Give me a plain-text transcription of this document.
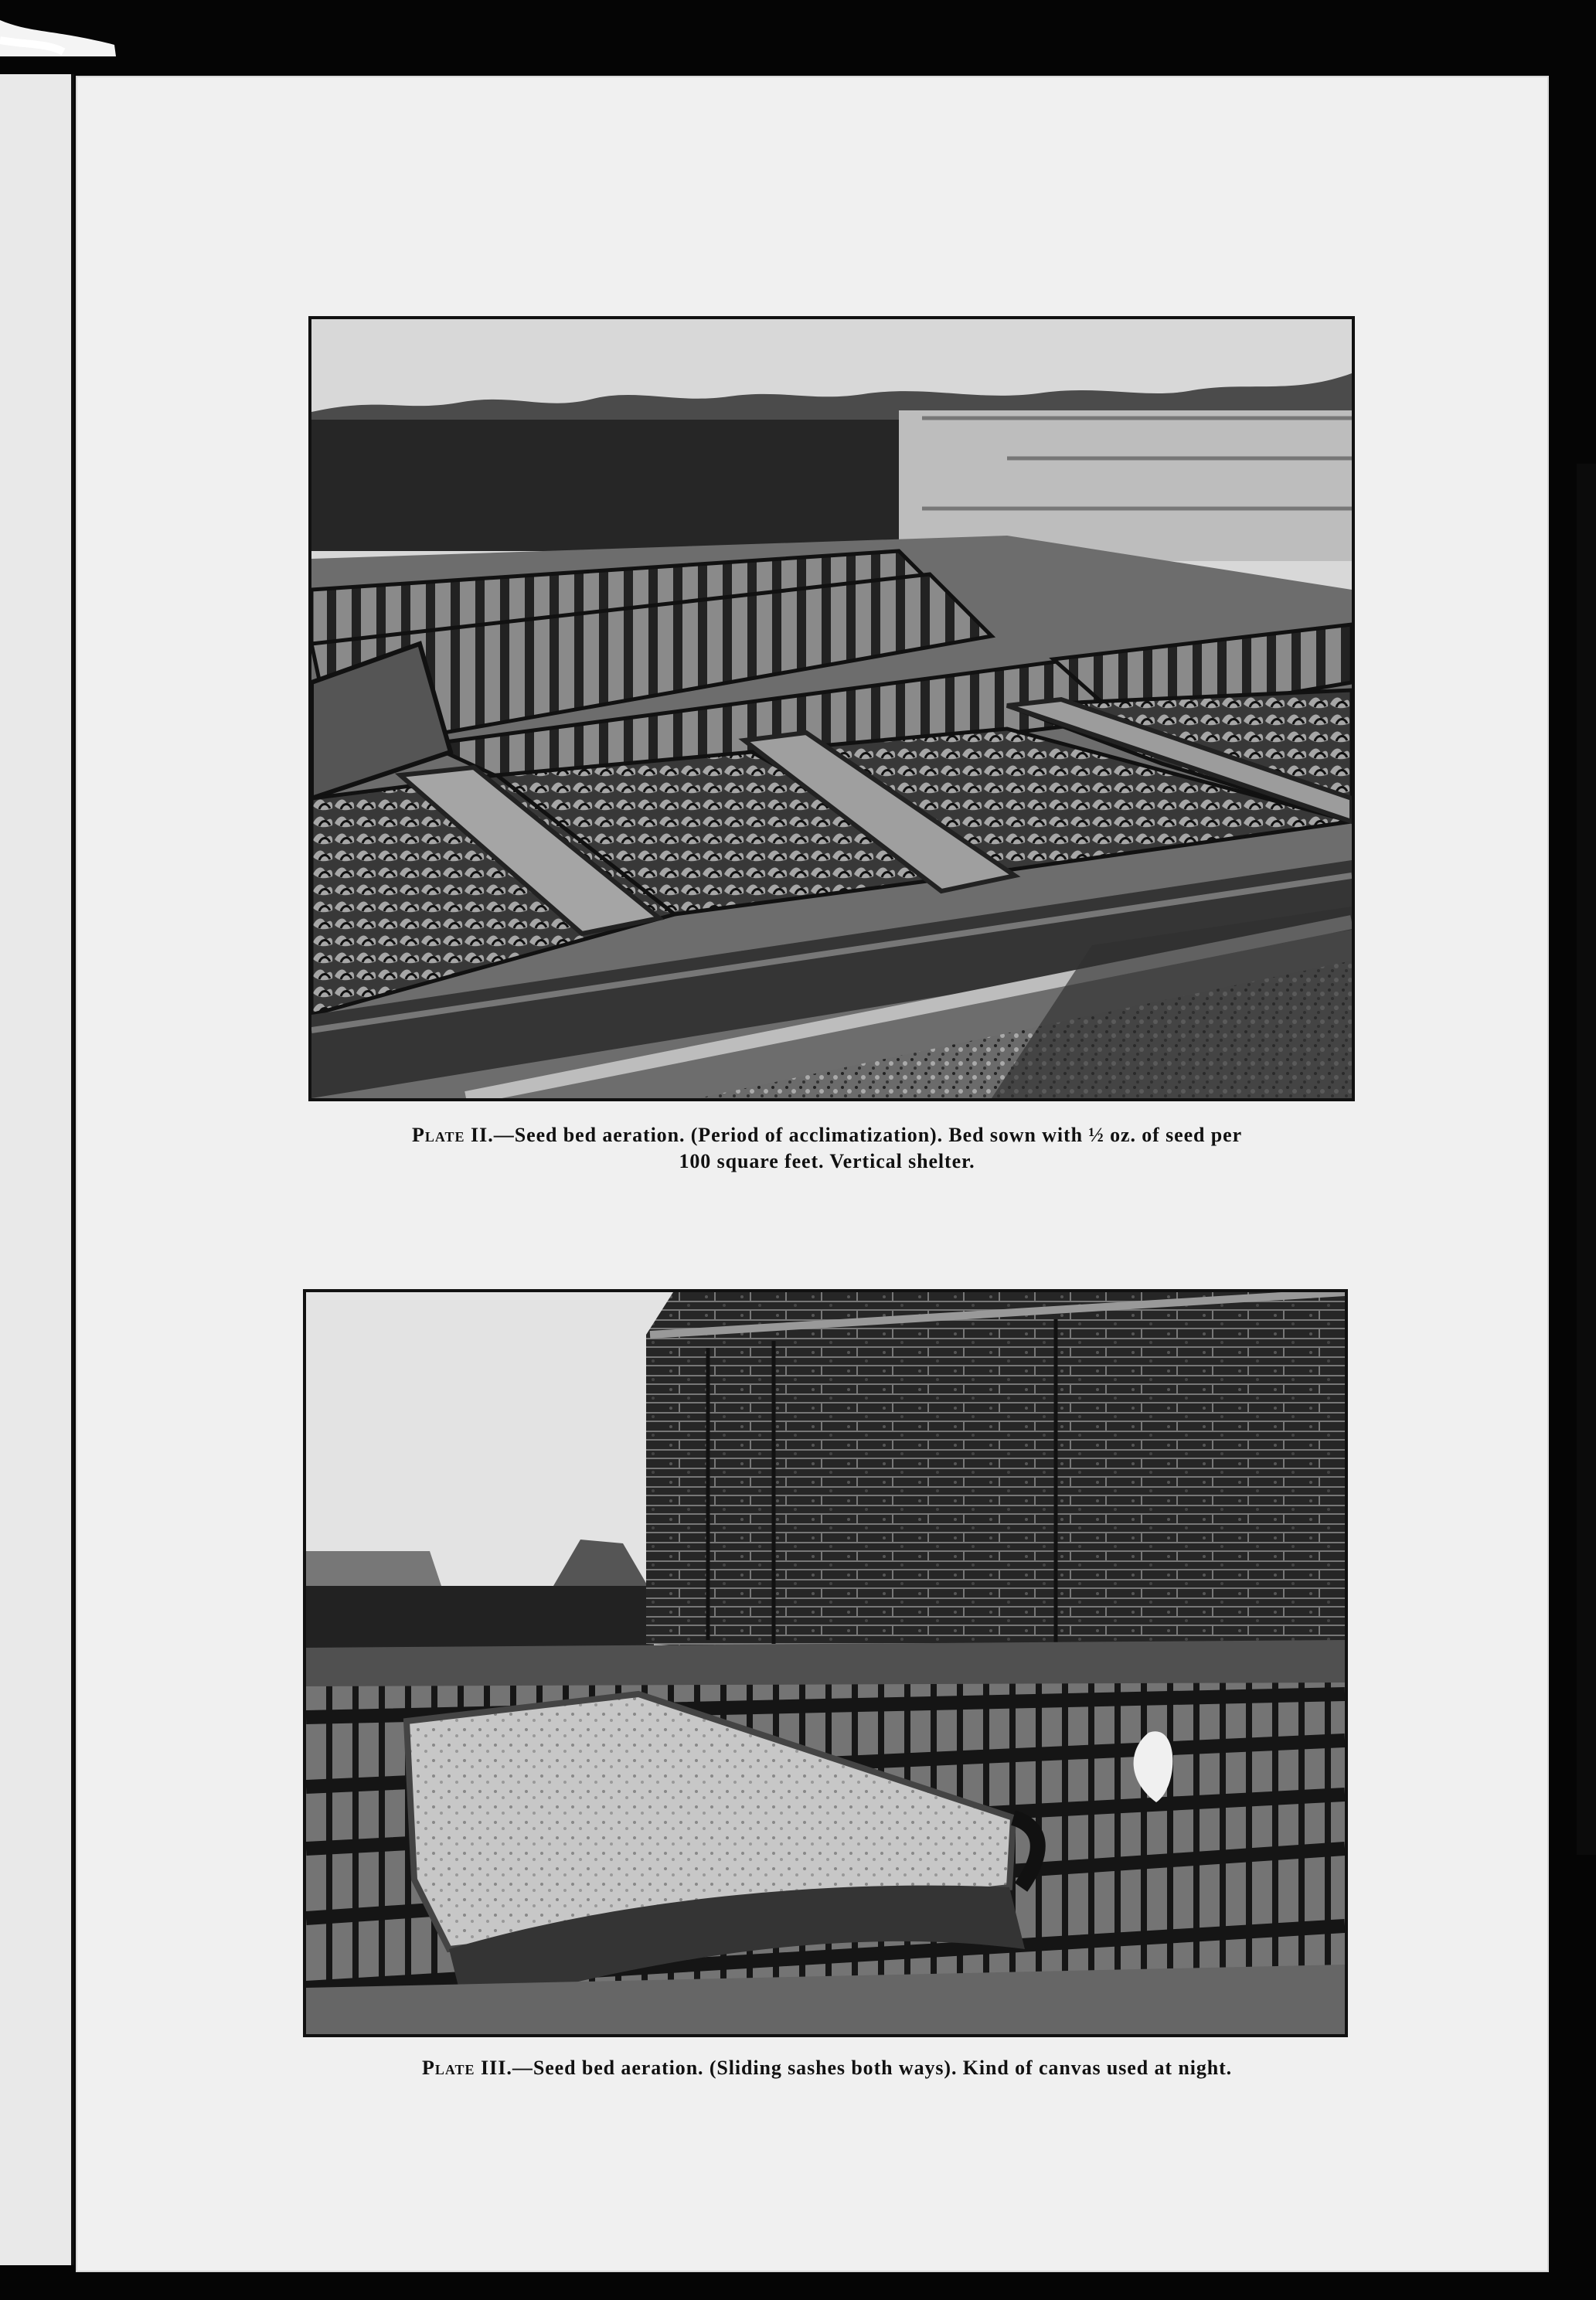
Plate II.—Seed bed aeration. (Period of acclimatization). Bed sown with ½ oz. of seed per
100 square feet. Vertical shelter.
Plate III.—Seed bed aeration. (Sliding sashes both ways). Kind of canvas used at night.
